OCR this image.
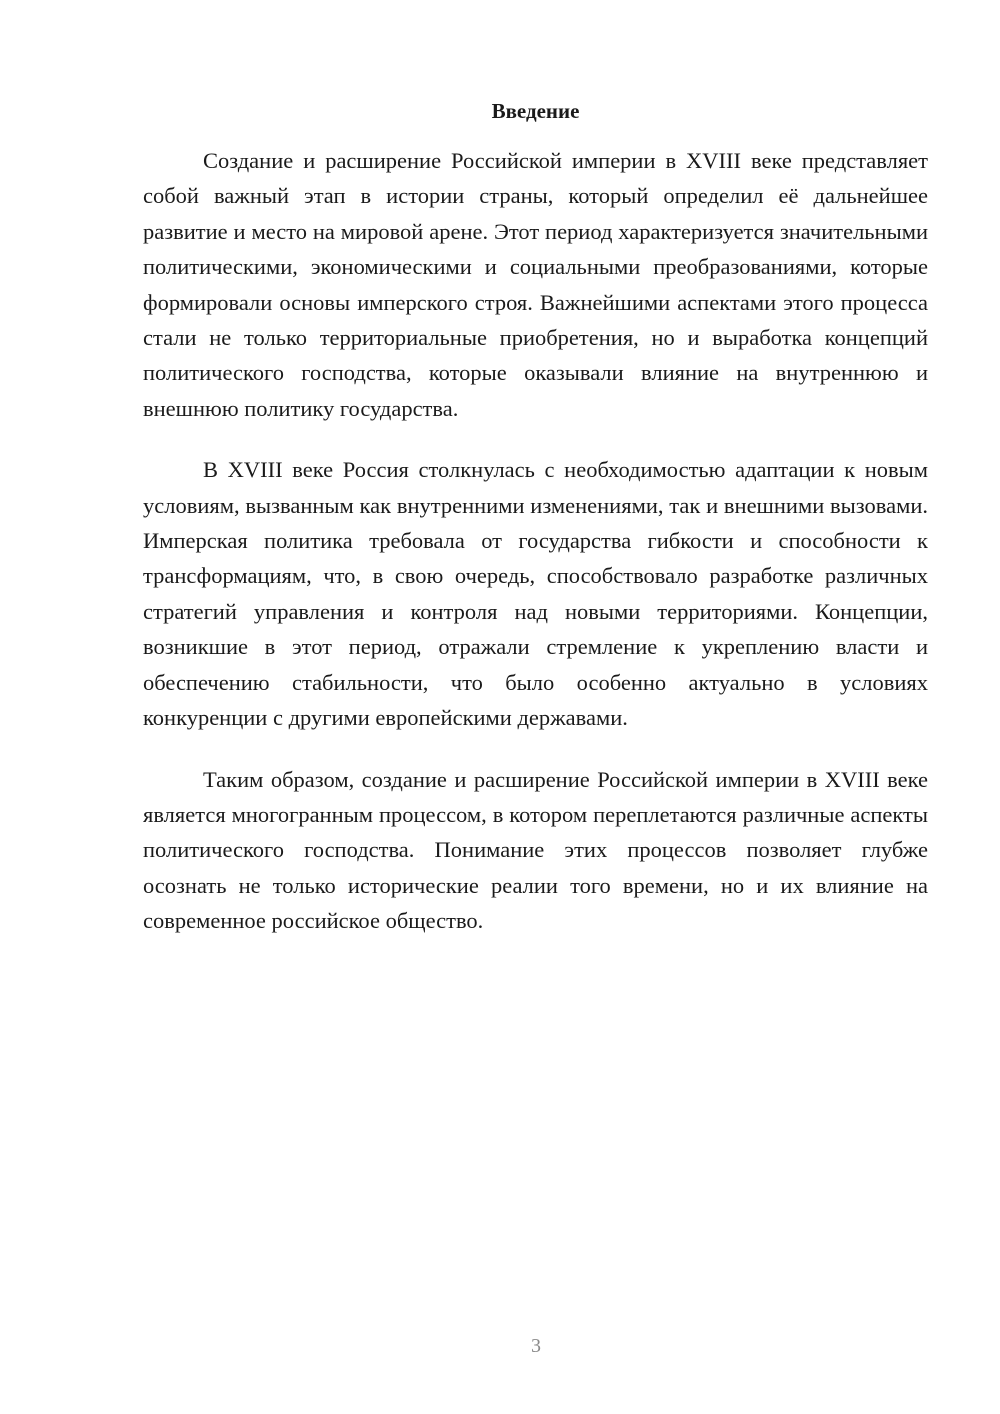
Введение

Создание и расширение Российской империи в XVIII веке представляет собой важный этап в истории страны, который определил её дальнейшее развитие и место на мировой арене. Этот период характеризуется значительными политическими, экономическими и социальными преобразованиями, которые формировали основы имперского строя. Важнейшими аспектами этого процесса стали не только территориальные приобретения, но и выработка концепций политического господства, которые оказывали влияние на внутреннюю и внешнюю политику государства.

В XVIII веке Россия столкнулась с необходимостью адаптации к новым условиям, вызванным как внутренними изменениями, так и внешними вызовами. Имперская политика требовала от государства гибкости и способности к трансформациям, что, в свою очередь, способствовало разработке различных стратегий управления и контроля над новыми территориями. Концепции, возникшие в этот период, отражали стремление к укреплению власти и обеспечению стабильности, что было особенно актуально в условиях конкуренции с другими европейскими державами.

Таким образом, создание и расширение Российской империи в XVIII веке является многогранным процессом, в котором переплетаются различные аспекты политического господства. Понимание этих процессов позволяет глубже осознать не только исторические реалии того времени, но и их влияние на современное российское общество.

3
